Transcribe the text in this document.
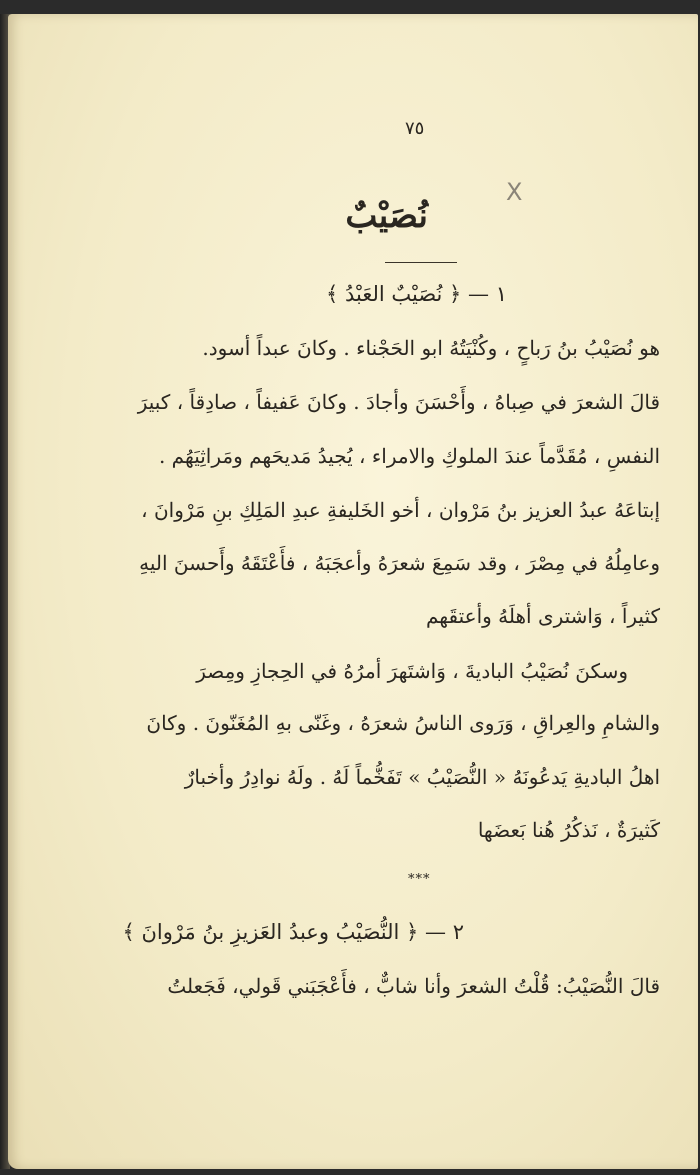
٧٥
X
نُصَيْبٌ
١ — ﴿ نُصَيْبٌ العَبْدُ ﴾
هو نُصَيْبُ بنُ رَباحٍ ، وكُنْيَتُهُ ابو الحَجْناء . وكانَ عبداً أسود.
قالَ الشعرَ في صِباهُ ، وأَحْسَنَ وأجادَ . وكانَ عَفيفاً ، صادِقاً ، كبيرَ
النفسِ ، مُقَدَّماً عندَ الملوكِ والامراء ، يُجيدُ مَديحَهم ومَراثِيَهُم .
إبتاعَهُ عبدُ العزيز بنُ مَرْوان ، أخو الخَليفةِ عبدِ المَلِكِ بنِ مَرْوانَ ،
وعامِلُهُ في مِصْرَ ، وقد سَمِعَ شعرَهُ وأعجَبَهُ ، فأَعْتَقَهُ وأَحسنَ اليهِ
كثيراً ، وَاشترى أهلَهُ وأعتقَهم
وسكنَ نُصَيْبُ الباديةَ ، وَاشتَهرَ أمرُهُ في الحِجازِ ومِصرَ
والشامِ والعِراقِ ، وَرَوى الناسُ شعرَهُ ، وغَنّى بهِ المُغَنّونَ . وكانَ
اهلُ الباديةِ يَدعُونَهُ « النُّصَيْبُ » تَفَخُّماً لَهُ . ولَهُ نوادِرُ وأخبارٌ
كَثيرَةٌ ، نَذكُرُ هُنا بَعضَها
***
٢ — ﴿ النُّصَيْبُ وعبدُ العَزيزِ بنُ مَرْوانَ ﴾
قالَ النُّصَيْبُ: قُلْتُ الشعرَ وأنا شابٌّ ، فأَعْجَبَني قَولي، فَجَعلتُ
